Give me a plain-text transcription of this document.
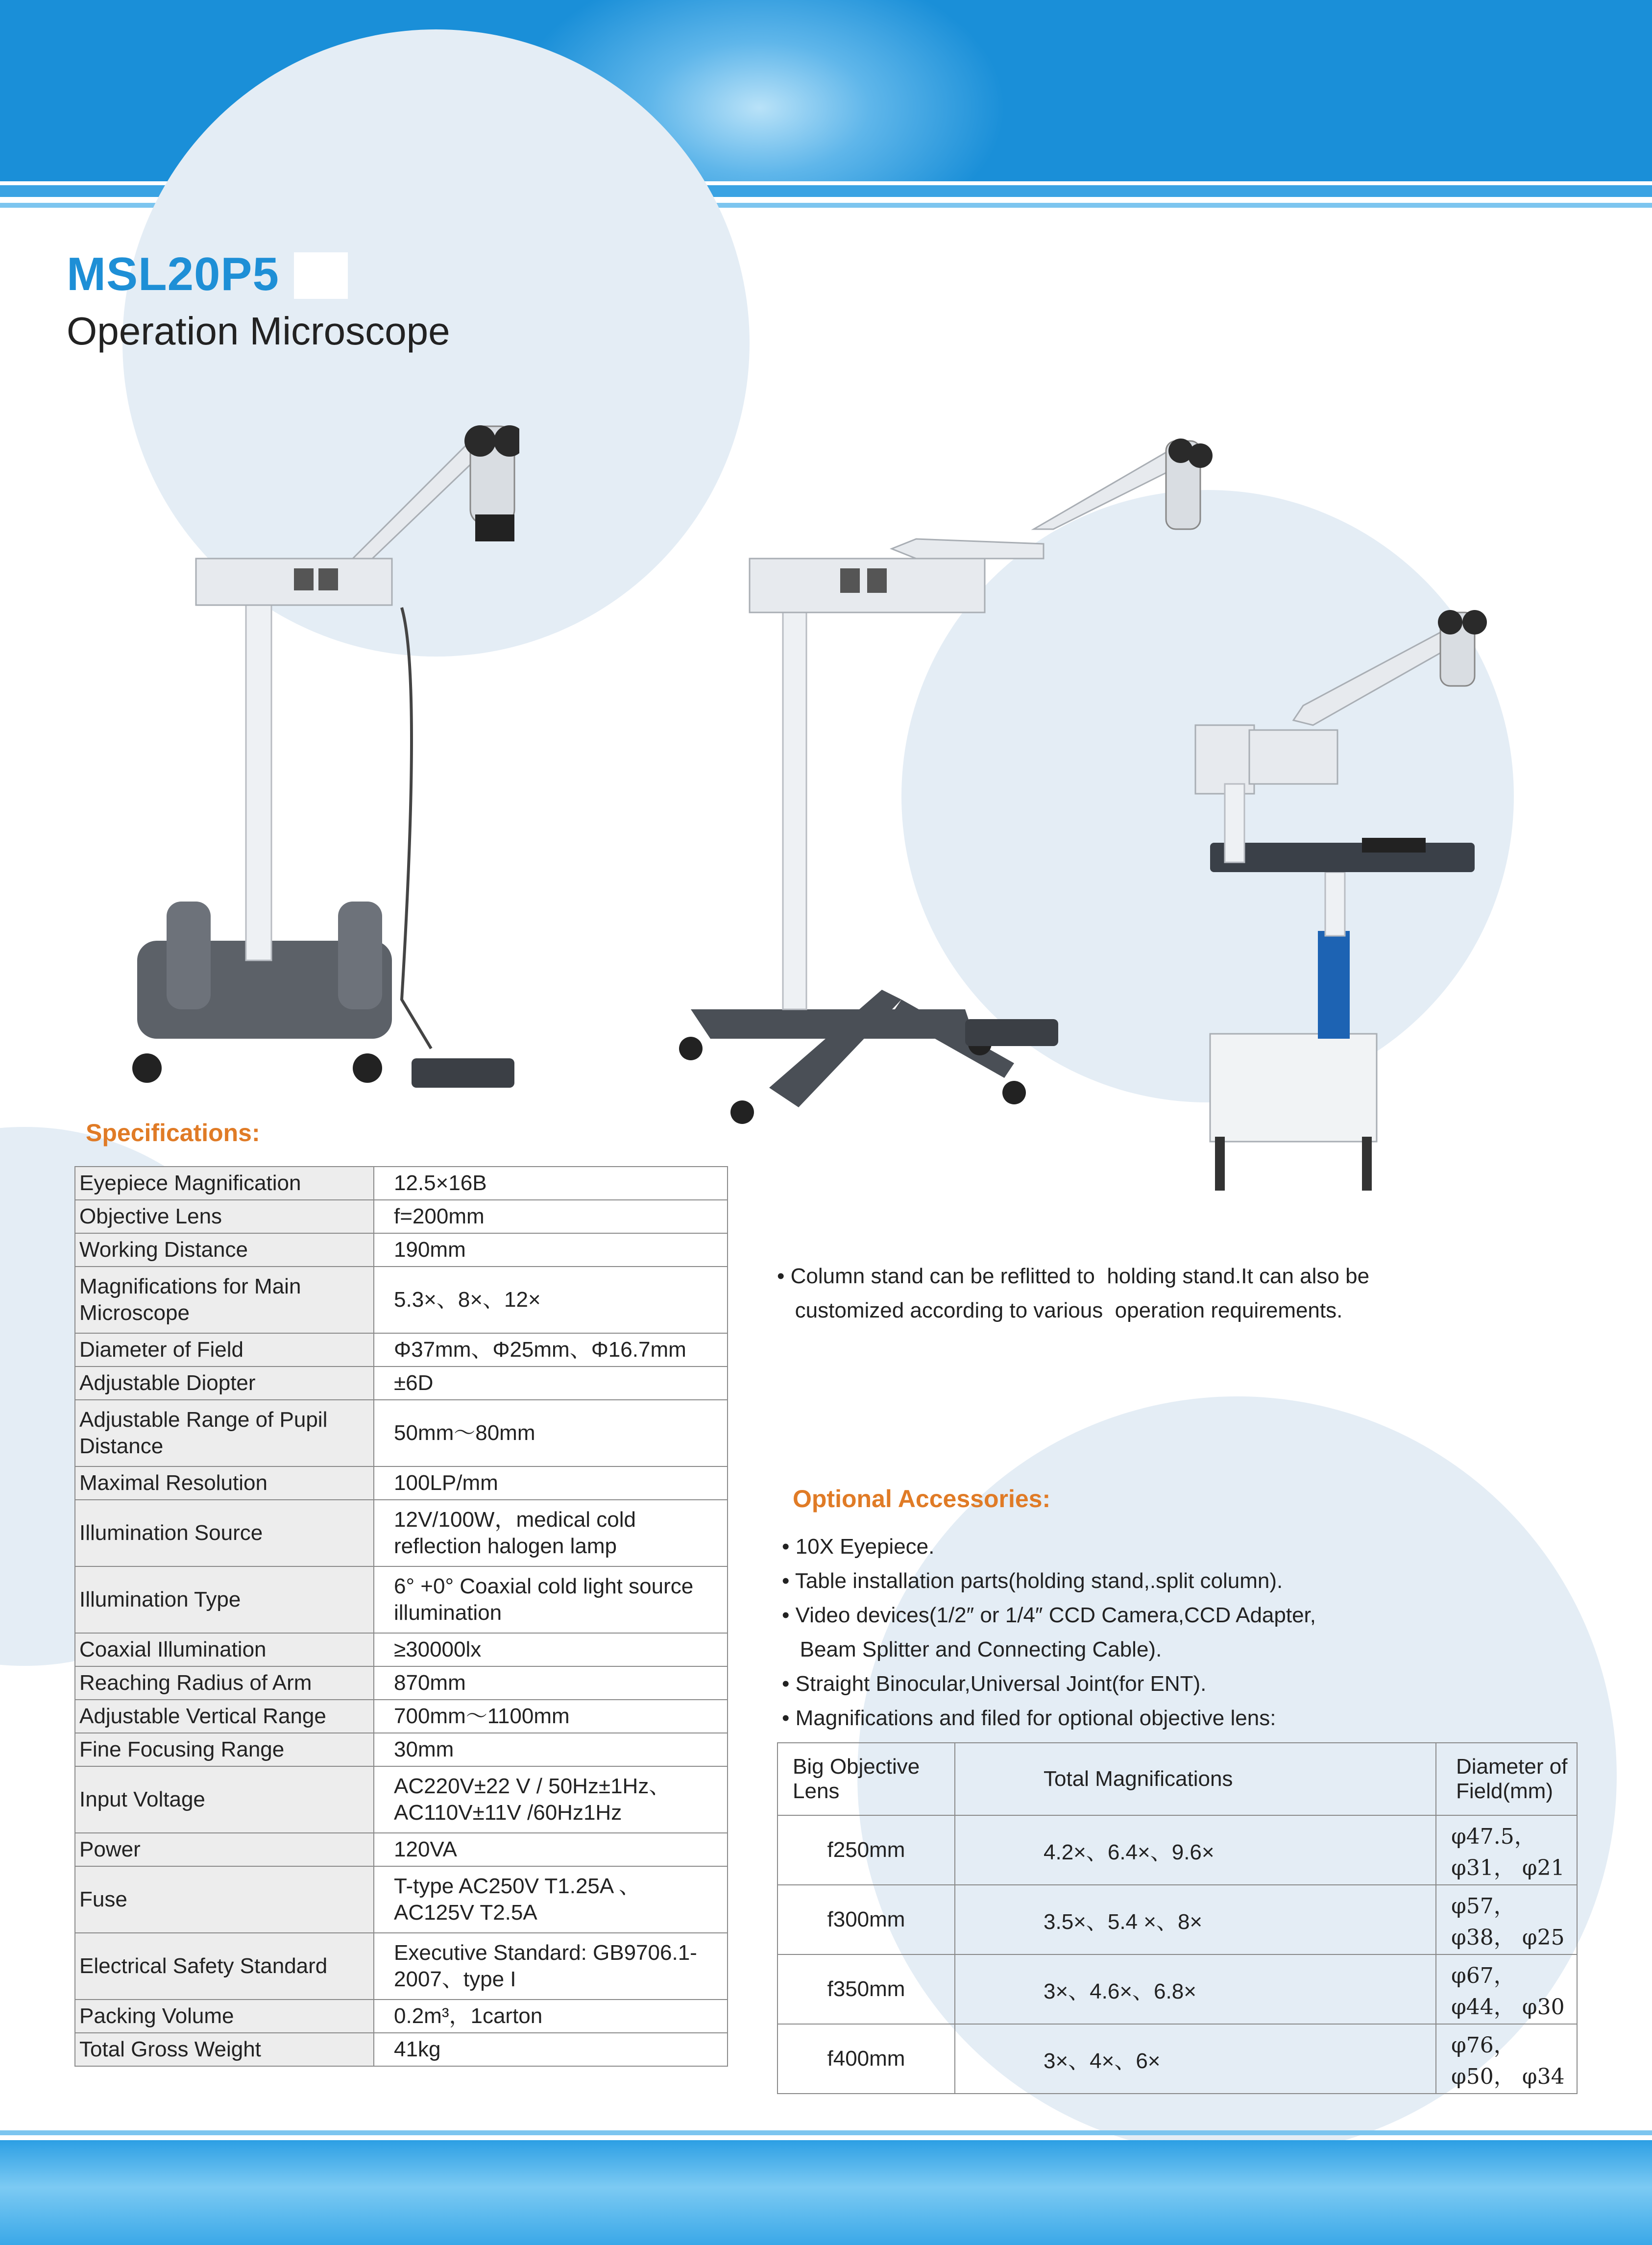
MSL20P5
Operation Microscope
Specifications:
Eyepiece Magnification	12.5×16B
Objective Lens	f=200mm
Working Distance	190mm
Magnifications for Main Microscope	5.3×、8×、12×
Diameter of Field	Φ37mm、Φ25mm、Φ16.7mm
Adjustable Diopter	±6D
Adjustable Range of Pupil Distance	50mm～80mm
Maximal Resolution	100LP/mm
Illumination Source	12V/100W，medical cold reflection halogen lamp
Illumination Type	6° +0° Coaxial cold light source illumination
Coaxial Illumination	≥30000lx
Reaching Radius of Arm	870mm
Adjustable Vertical Range	700mm～1100mm
Fine Focusing Range	30mm
Input Voltage	AC220V±22 V / 50Hz±1Hz、 AC110V±11V /60Hz1Hz
Power	120VA
Fuse	T-type AC250V T1.25A 、 AC125V T2.5A
Electrical Safety Standard	Executive Standard: GB9706.1-2007、type I
Packing Volume	0.2m³，1carton
Total Gross Weight	41kg
• Column stand can be reflitted to  holding stand.It can also be
customized according to various  operation requirements.
Optional Accessories:
• 10X Eyepiece.
• Table installation parts(holding stand,.split column).
• Video devices(1/2″ or 1/4″ CCD Camera,CCD Adapter,
Beam Splitter and Connecting Cable).
• Straight Binocular,Universal Joint(for ENT).
• Magnifications and filed for optional objective lens:
Big Objective Lens	Total Magnifications	Diameter of Field(mm)
f250mm	4.2×、6.4×、9.6×	φ47.5， φ31， φ21
f300mm	3.5×、5.4 ×、8×	φ57， φ38， φ25
f350mm	3×、4.6×、6.8×	φ67， φ44， φ30
f400mm	3×、4×、6×	φ76， φ50， φ34
